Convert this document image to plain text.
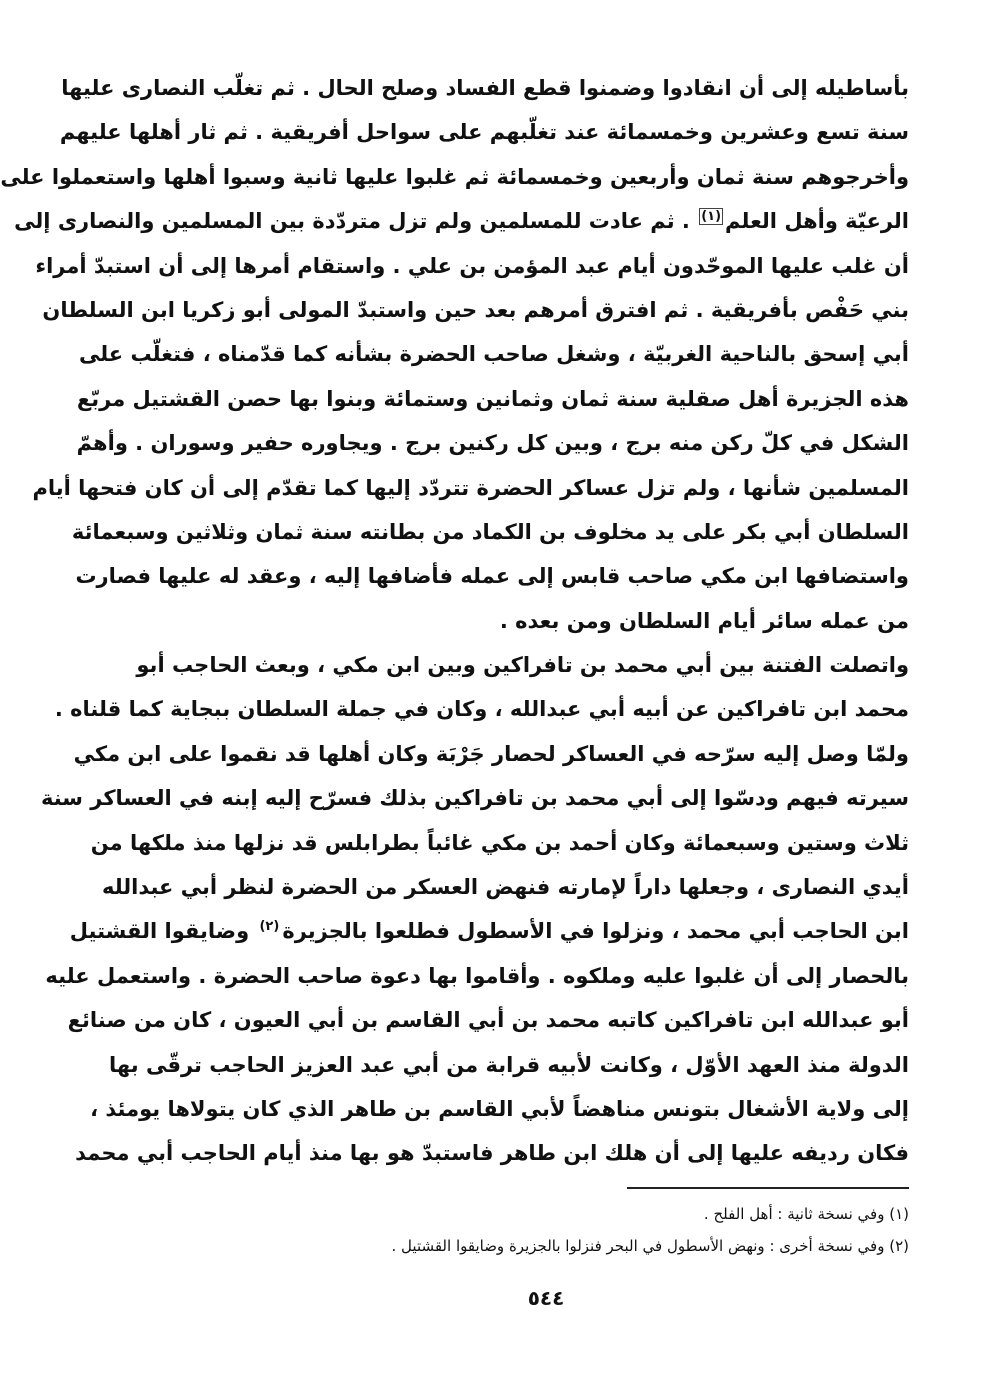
بأساطيله إلى أن انقادوا وضمنوا قطع الفساد وصلح الحال . ثم تغلّب النصارى عليها
سنة تسع وعشرين وخمسمائة عند تغلّبهم على سواحل أفريقية . ثم ثار أهلها عليهم
وأخرجوهم سنة ثمان وأربعين وخمسمائة ثم غلبوا عليها ثانية وسبوا أهلها واستعملوا على
الرعيّة وأهل العلم$^{(١)}$ . ثم عادت للمسلمين ولم تزل متردّدة بين المسلمين والنصارى إلى
أن غلب عليها الموحّدون أيام عبد المؤمن بن علي . واستقام أمرها إلى أن استبدّ أمراء
بني حَفْص بأفريقية . ثم افترق أمرهم بعد حين واستبدّ المولى أبو زكريا ابن السلطان
أبي إسحق بالناحية الغربيّة ، وشغل صاحب الحضرة بشأنه كما قدّمناه ، فتغلّب على
هذه الجزيرة أهل صقلية سنة ثمان وثمانين وستمائة وبنوا بها حصن القشتيل مربّع
الشكل في كلّ ركن منه برج ، وبين كل ركنين برج . ويجاوره حفير وسوران . وأهمّ
المسلمين شأنها ، ولم تزل عساكر الحضرة تتردّد إليها كما تقدّم إلى أن كان فتحها أيام
السلطان أبي بكر على يد مخلوف بن الكماد من بطانته سنة ثمان وثلاثين وسبعمائة
واستضافها ابن مكي صاحب قابس إلى عمله فأضافها إليه ، وعقد له عليها فصارت
من عمله سائر أيام السلطان ومن بعده .
واتصلت الفتنة بين أبي محمد بن تافراكين وبين ابن مكي ، وبعث الحاجب أبو
محمد ابن تافراكين عن أبيه أبي عبدالله ، وكان في جملة السلطان ببجاية كما قلناه .
ولمّا وصل إليه سرّحه في العساكر لحصار جَرْبَة وكان أهلها قد نقموا على ابن مكي
سيرته فيهم ودسّوا إلى أبي محمد بن تافراكين بذلك فسرّح إليه إبنه في العساكر سنة
ثلاث وستين وسبعمائة وكان أحمد بن مكي غائباً بطرابلس قد نزلها منذ ملكها من
أيدي النصارى ، وجعلها داراً لإمارته فنهض العسكر من الحضرة لنظر أبي عبدالله
ابن الحاجب أبي محمد ، ونزلوا في الأسطول فطلعوا بالجزيرة$^{(٢)}$ وضايقوا القشتيل
بالحصار إلى أن غلبوا عليه وملكوه . وأقاموا بها دعوة صاحب الحضرة . واستعمل عليه
أبو عبدالله ابن تافراكين كاتبه محمد بن أبي القاسم بن أبي العيون ، كان من صنائع
الدولة منذ العهد الأوّل ، وكانت لأبيه قرابة من أبي عبد العزيز الحاجب ترقّى بها
إلى ولاية الأشغال بتونس مناهضاً لأبي القاسم بن طاهر الذي كان يتولاها يومئذ ،
فكان رديفه عليها إلى أن هلك ابن طاهر فاستبدّ هو بها منذ أيام الحاجب أبي محمد
(١) وفي نسخة ثانية : أهل الفلح .
(٢) وفي نسخة أخرى : ونهض الأسطول في البحر فنزلوا بالجزيرة وضايقوا القشتيل .
٥٤٤
